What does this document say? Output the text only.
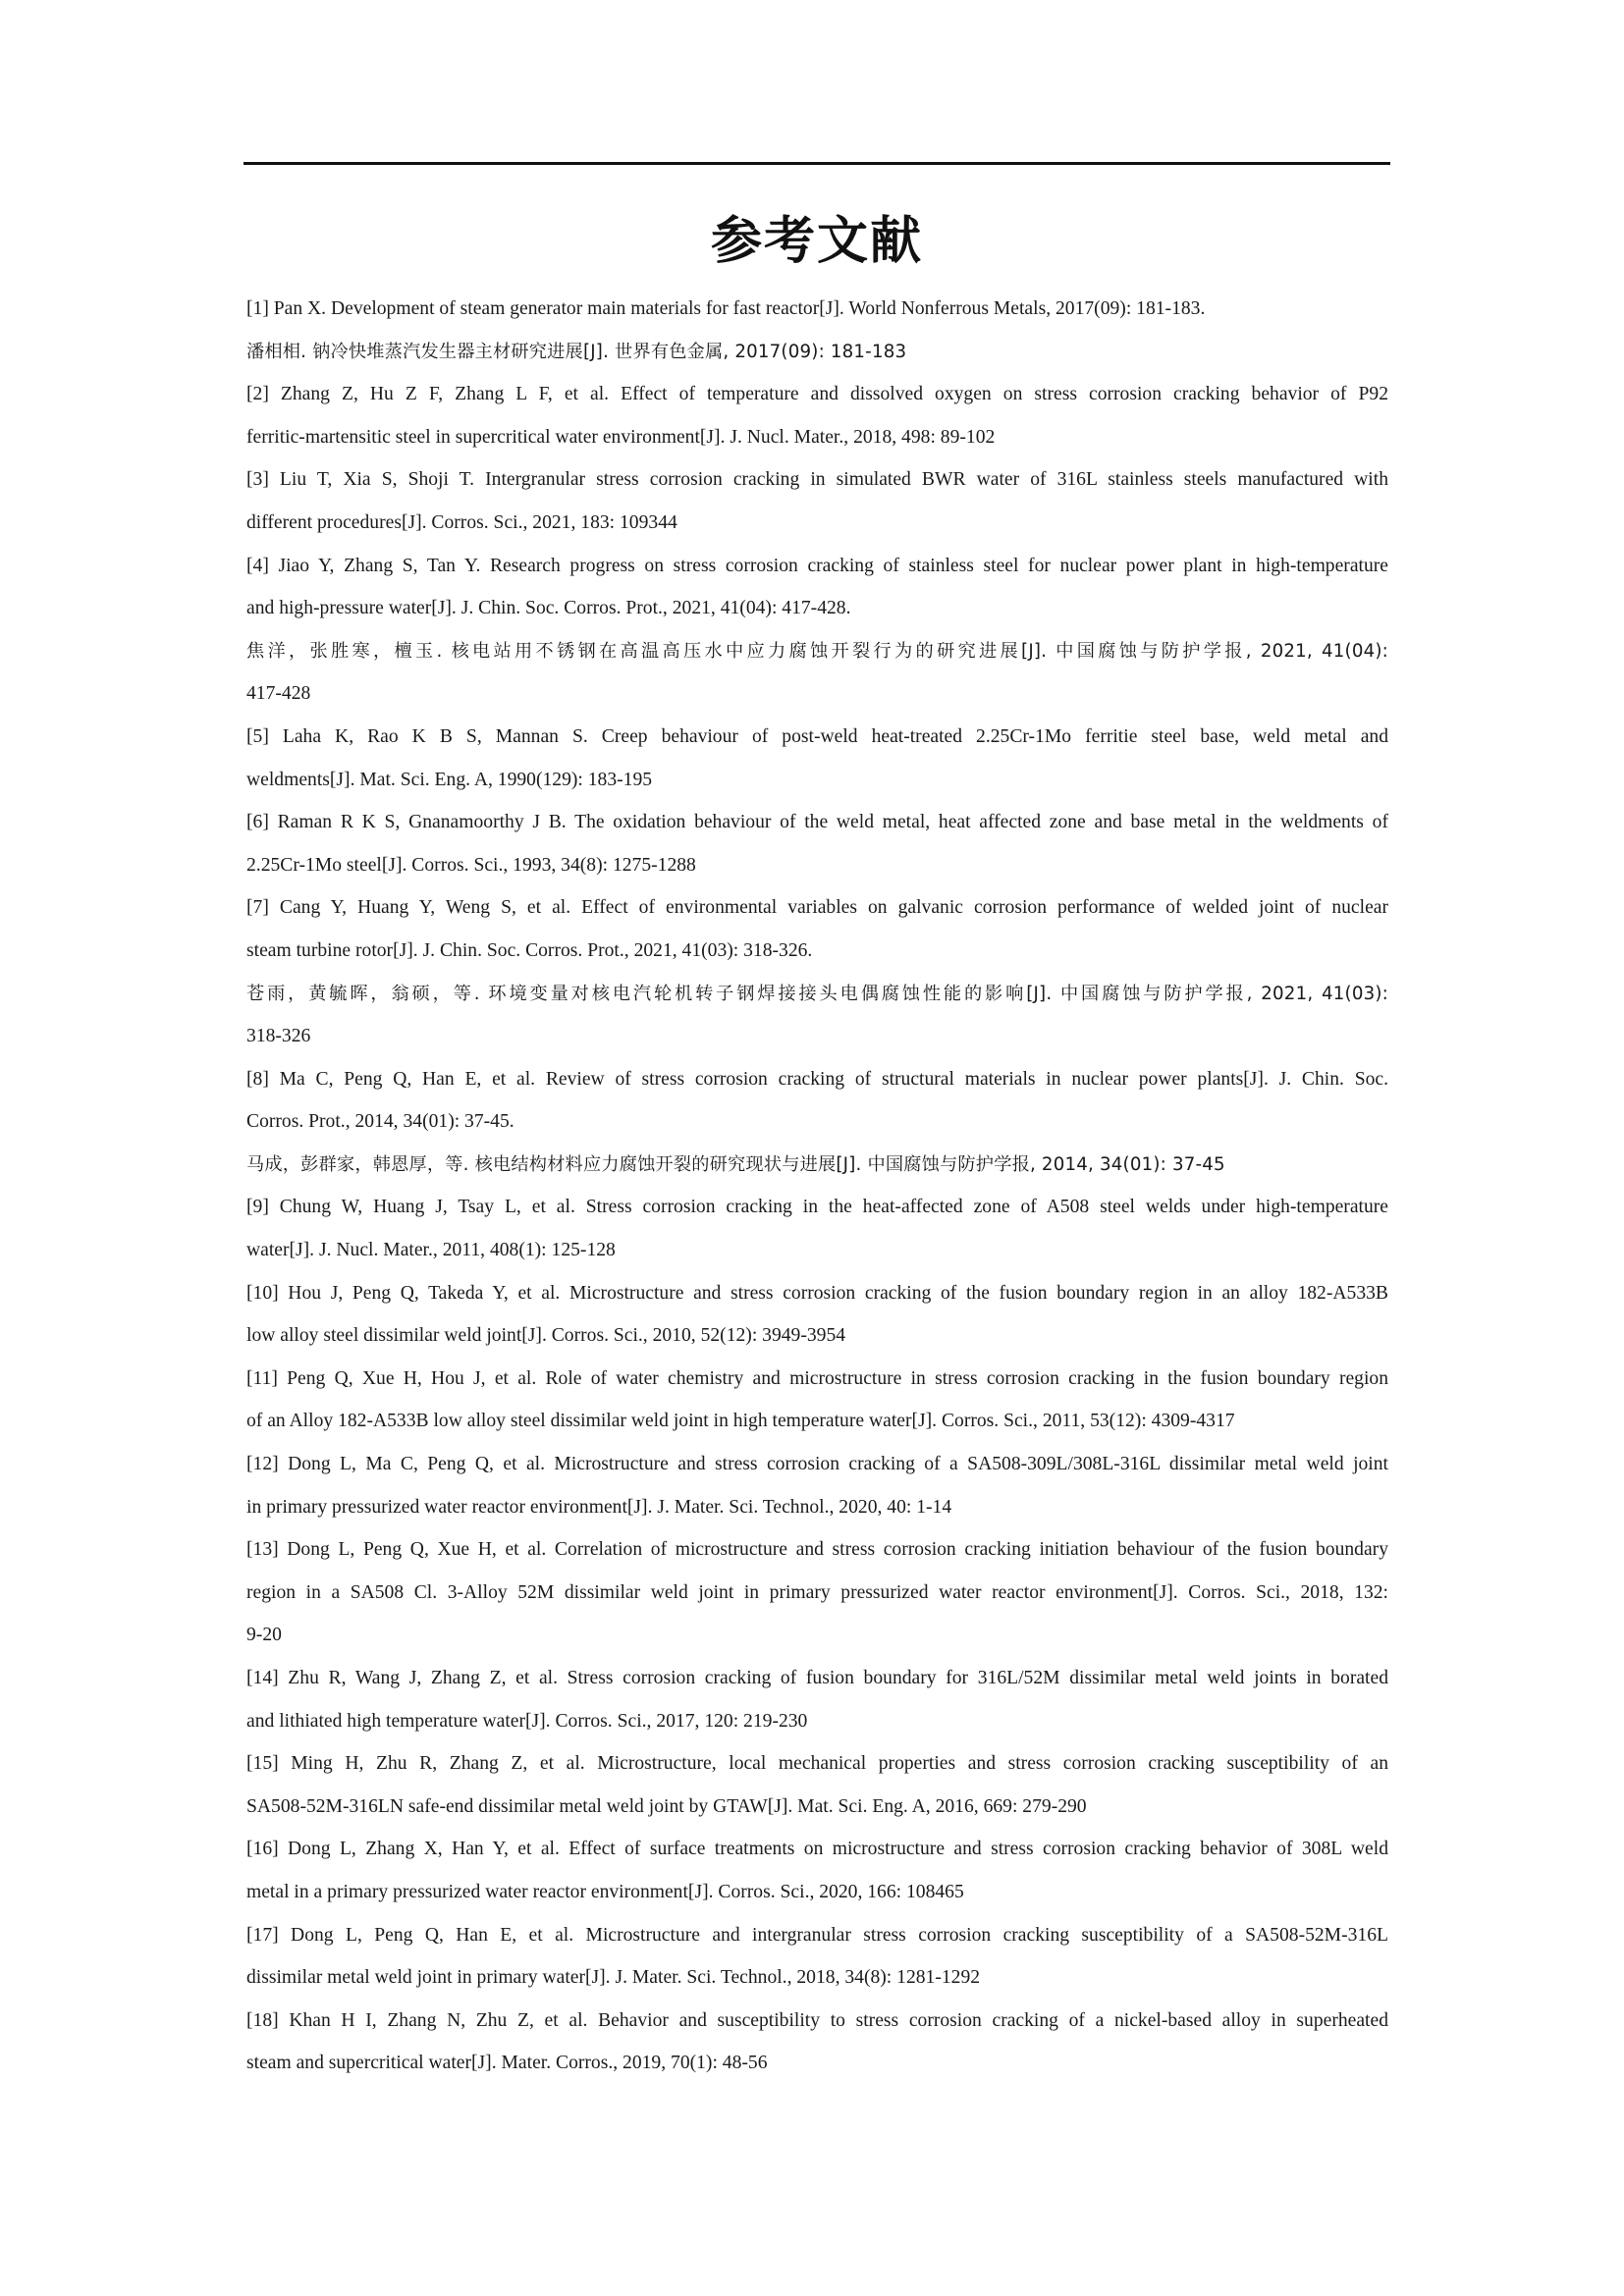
参考文献
[1] Pan X. Development of steam generator main materials for fast reactor[J]. World Nonferrous Metals, 2017(09): 181-183.
潘相相. 钠冷快堆蒸汽发生器主材研究进展[J]. 世界有色金属, 2017(09): 181-183
[2] Zhang Z, Hu Z F, Zhang L F, et al. Effect of temperature and dissolved oxygen on stress corrosion cracking behavior of P92
ferritic-martensitic steel in supercritical water environment[J]. J. Nucl. Mater., 2018, 498: 89-102
[3] Liu T, Xia S, Shoji T. Intergranular stress corrosion cracking in simulated BWR water of 316L stainless steels manufactured with
different procedures[J]. Corros. Sci., 2021, 183: 109344
[4] Jiao Y, Zhang S, Tan Y. Research progress on stress corrosion cracking of stainless steel for nuclear power plant in high-temperature
and high-pressure water[J]. J. Chin. Soc. Corros. Prot., 2021, 41(04): 417-428.
焦洋，张胜寒，檀玉. 核电站用不锈钢在高温高压水中应力腐蚀开裂行为的研究进展[J]. 中国腐蚀与防护学报, 2021, 41(04):
417-428
[5] Laha K, Rao K B S, Mannan S. Creep behaviour of post-weld heat-treated 2.25Cr-1Mo ferritie steel base, weld metal and
weldments[J]. Mat. Sci. Eng. A, 1990(129): 183-195
[6] Raman R K S, Gnanamoorthy J B. The oxidation behaviour of the weld metal, heat affected zone and base metal in the weldments of
2.25Cr-1Mo steel[J]. Corros. Sci., 1993, 34(8): 1275-1288
[7] Cang Y, Huang Y, Weng S, et al. Effect of environmental variables on galvanic corrosion performance of welded joint of nuclear
steam turbine rotor[J]. J. Chin. Soc. Corros. Prot., 2021, 41(03): 318-326.
苍雨，黄毓晖，翁硕，等. 环境变量对核电汽轮机转子钢焊接接头电偶腐蚀性能的影响[J]. 中国腐蚀与防护学报, 2021, 41(03):
318-326
[8] Ma C, Peng Q, Han E, et al. Review of stress corrosion cracking of structural materials in nuclear power plants[J]. J. Chin. Soc.
Corros. Prot., 2014, 34(01): 37-45.
马成，彭群家，韩恩厚，等. 核电结构材料应力腐蚀开裂的研究现状与进展[J]. 中国腐蚀与防护学报, 2014, 34(01): 37-45
[9] Chung W, Huang J, Tsay L, et al. Stress corrosion cracking in the heat-affected zone of A508 steel welds under high-temperature
water[J]. J. Nucl. Mater., 2011, 408(1): 125-128
[10] Hou J, Peng Q, Takeda Y, et al. Microstructure and stress corrosion cracking of the fusion boundary region in an alloy 182-A533B
low alloy steel dissimilar weld joint[J]. Corros. Sci., 2010, 52(12): 3949-3954
[11] Peng Q, Xue H, Hou J, et al. Role of water chemistry and microstructure in stress corrosion cracking in the fusion boundary region
of an Alloy 182-A533B low alloy steel dissimilar weld joint in high temperature water[J]. Corros. Sci., 2011, 53(12): 4309-4317
[12] Dong L, Ma C, Peng Q, et al. Microstructure and stress corrosion cracking of a SA508-309L/308L-316L dissimilar metal weld joint
in primary pressurized water reactor environment[J]. J. Mater. Sci. Technol., 2020, 40: 1-14
[13] Dong L, Peng Q, Xue H, et al. Correlation of microstructure and stress corrosion cracking initiation behaviour of the fusion boundary
region in a SA508 Cl. 3-Alloy 52M dissimilar weld joint in primary pressurized water reactor environment[J]. Corros. Sci., 2018, 132:
9-20
[14] Zhu R, Wang J, Zhang Z, et al. Stress corrosion cracking of fusion boundary for 316L/52M dissimilar metal weld joints in borated
and lithiated high temperature water[J]. Corros. Sci., 2017, 120: 219-230
[15] Ming H, Zhu R, Zhang Z, et al. Microstructure, local mechanical properties and stress corrosion cracking susceptibility of an
SA508-52M-316LN safe-end dissimilar metal weld joint by GTAW[J]. Mat. Sci. Eng. A, 2016, 669: 279-290
[16] Dong L, Zhang X, Han Y, et al. Effect of surface treatments on microstructure and stress corrosion cracking behavior of 308L weld
metal in a primary pressurized water reactor environment[J]. Corros. Sci., 2020, 166: 108465
[17] Dong L, Peng Q, Han E, et al. Microstructure and intergranular stress corrosion cracking susceptibility of a SA508-52M-316L
dissimilar metal weld joint in primary water[J]. J. Mater. Sci. Technol., 2018, 34(8): 1281-1292
[18] Khan H I, Zhang N, Zhu Z, et al. Behavior and susceptibility to stress corrosion cracking of a nickel-based alloy in superheated
steam and supercritical water[J]. Mater. Corros., 2019, 70(1): 48-56
